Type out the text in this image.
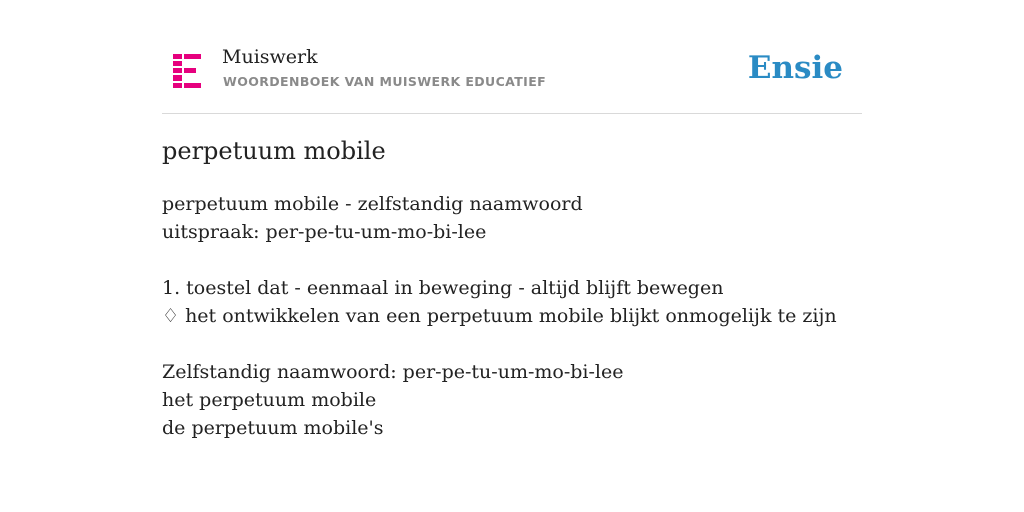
Muiswerk
WOORDENBOEK VAN MUISWERK EDUCATIEF	Ensie
perpetuum mobile
perpetuum mobile - zelfstandig naamwoord
uitspraak: per-pe-tu-um-mo-bi-lee
1. toestel dat - eenmaal in beweging - altijd blijft bewegen
♢ het ontwikkelen van een perpetuum mobile blijkt onmogelijk te zijn
Zelfstandig naamwoord: per-pe-tu-um-mo-bi-lee
het perpetuum mobile
de perpetuum mobile's
